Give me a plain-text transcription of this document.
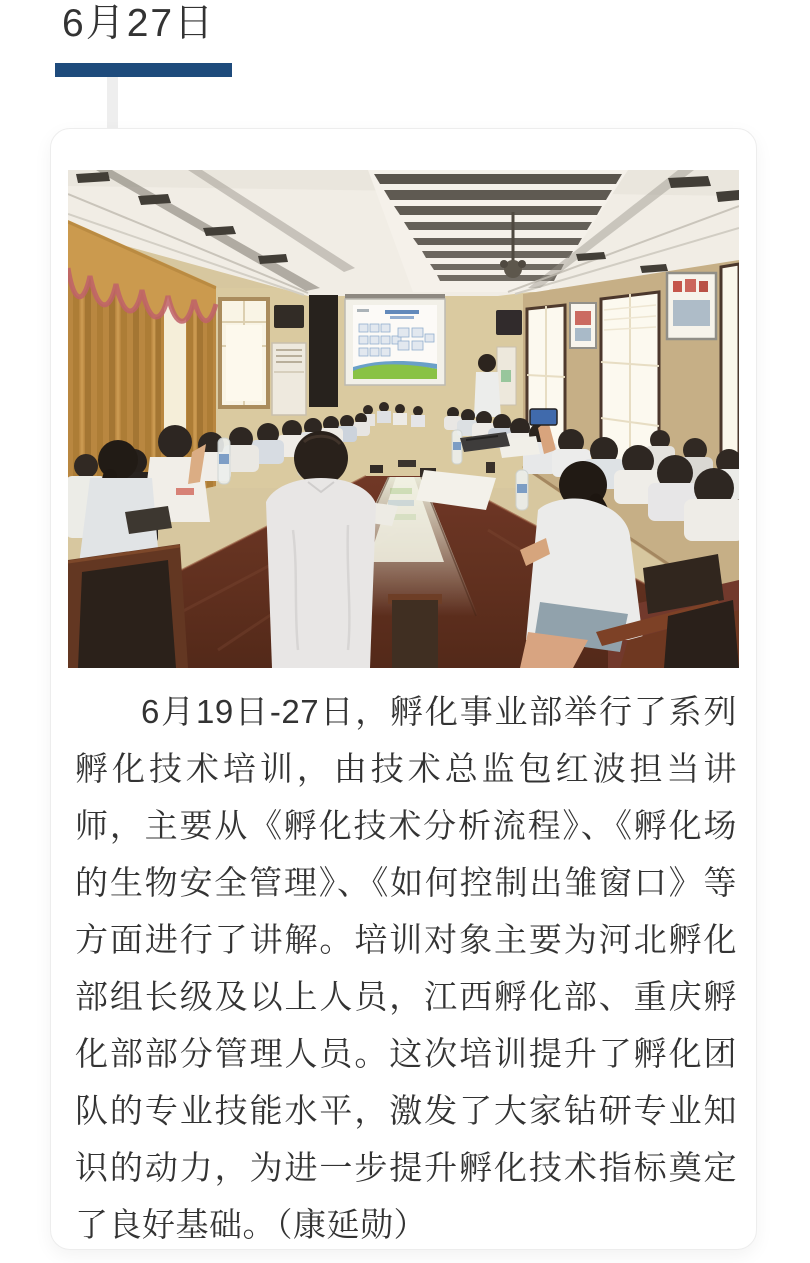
6月27日

6月19日-27日，孵化事业部举行了系列孵化技术培训，由技术总监包红波担当讲师，主要从《孵化技术分析流程》、《孵化场的生物安全管理》、《如何控制出雏窗口》等方面进行了讲解。培训对象主要为河北孵化部组长级及以上人员，江西孵化部、重庆孵化部部分管理人员。这次培训提升了孵化团队的专业技能水平，激发了大家钻研专业知识的动力，为进一步提升孵化技术指标奠定了良好基础。（康延勋）
